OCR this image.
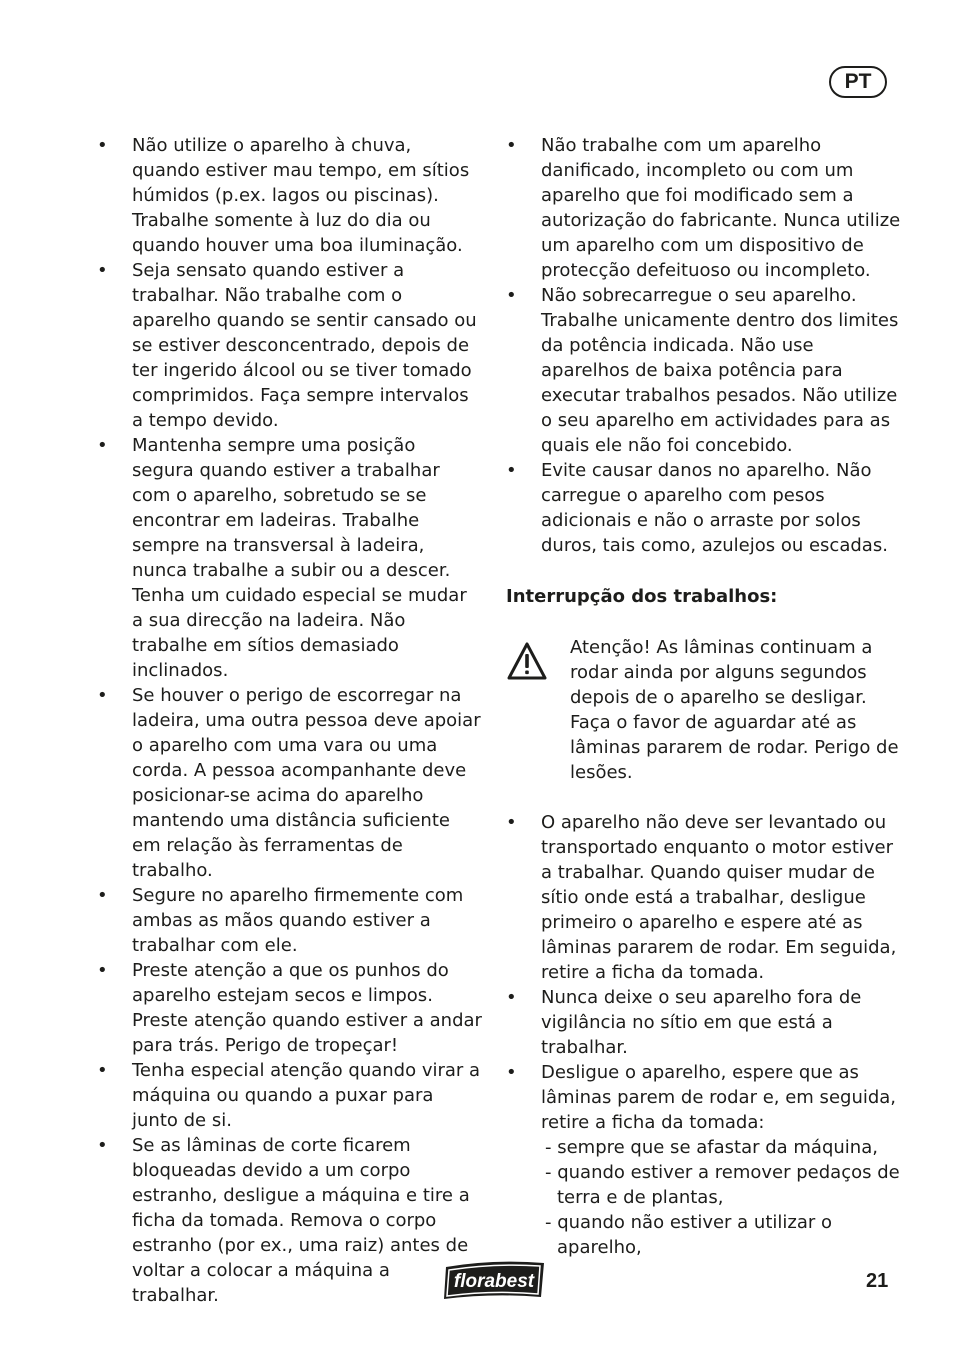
PT
• Não utilize o aparelho à chuva, quando estiver mau tempo, em sítios húmidos (p.ex. lagos ou piscinas). Trabalhe somente à luz do dia ou quando houver uma boa iluminação.
• Seja sensato quando estiver a trabalhar. Não trabalhe com o aparelho quando se sentir cansado ou se estiver desconcentrado, depois de ter ingerido álcool ou se tiver tomado comprimidos. Faça sempre intervalos a tempo devido.
• Mantenha sempre uma posição segura quando estiver a trabalhar com o aparelho, sobretudo se se encontrar em ladeiras. Trabalhe sempre na transversal à ladeira, nunca trabalhe a subir ou a descer. Tenha um cuidado especial se mudar a sua direcção na ladeira. Não trabalhe em sítios demasiado inclinados.
• Se houver o perigo de escorregar na ladeira, uma outra pessoa deve apoiar o aparelho com uma vara ou uma corda. A pessoa acompanhante deve posicionar-se acima do aparelho mantendo uma distância suficiente em relação às ferramentas de trabalho.
• Segure no aparelho firmemente com ambas as mãos quando estiver a trabalhar com ele.
• Preste atenção a que os punhos do aparelho estejam secos e limpos. Preste atenção quando estiver a andar para trás. Perigo de tropeçar!
• Tenha especial atenção quando virar a máquina ou quando a puxar para junto de si.
• Se as lâminas de corte ficarem bloqueadas devido a um corpo estranho, desligue a máquina e tire a ficha da tomada. Remova o corpo estranho (por ex., uma raiz) antes de voltar a colocar a máquina a trabalhar.
• Não trabalhe com um aparelho danificado, incompleto ou com um aparelho que foi modificado sem a autorização do fabricante. Nunca utilize um aparelho com um dispositivo de protecção defeituoso ou incompleto.
• Não sobrecarregue o seu aparelho. Trabalhe unicamente dentro dos limites da potência indicada. Não use aparelhos de baixa potência para executar trabalhos pesados. Não utilize o seu aparelho em actividades para as quais ele não foi concebido.
• Evite causar danos no aparelho. Não carregue o aparelho com pesos adicionais e não o arraste por solos duros, tais como, azulejos ou escadas.
Interrupção dos trabalhos:
Atenção! As lâminas continuam a rodar ainda por alguns segundos depois de o aparelho se desligar. Faça o favor de aguardar até as lâminas pararem de rodar. Perigo de lesões.
• O aparelho não deve ser levantado ou transportado enquanto o motor estiver a trabalhar. Quando quiser mudar de sítio onde está a trabalhar, desligue primeiro o aparelho e espere até as lâminas pararem de rodar. Em seguida, retire a ficha da tomada.
• Nunca deixe o seu aparelho fora de vigilância no sítio em que está a trabalhar.
• Desligue o aparelho, espere que as lâminas parem de rodar e, em seguida, retire a ficha da tomada:
- sempre que se afastar da máquina,
- quando estiver a remover pedaços de terra e de plantas,
- quando não estiver a utilizar o aparelho,
florabest	21
